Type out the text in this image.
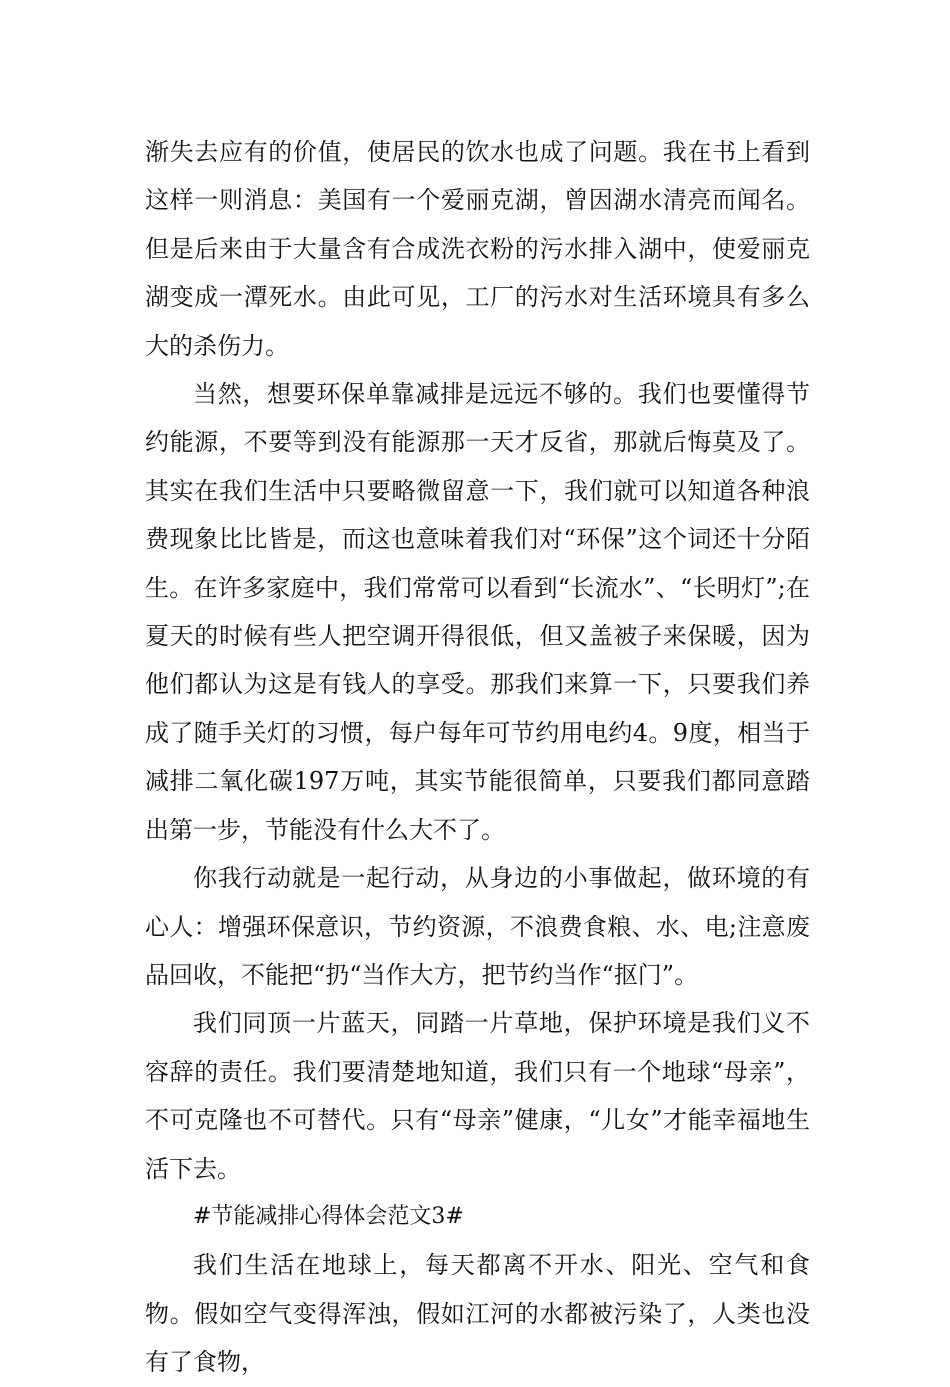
渐失去应有的价值，使居民的饮水也成了问题。我在书上看到这样一则消息：美国有一个爱丽克湖，曾因湖水清亮而闻名。但是后来由于大量含有合成洗衣粉的污水排入湖中，使爱丽克湖变成一潭死水。由此可见，工厂的污水对生活环境具有多么大的杀伤力。

当然，想要环保单靠减排是远远不够的。我们也要懂得节约能源，不要等到没有能源那一天才反省，那就后悔莫及了。其实在我们生活中只要略微留意一下，我们就可以知道各种浪费现象比比皆是，而这也意味着我们对“环保”这个词还十分陌生。在许多家庭中，我们常常可以看到“长流水”、“长明灯”;在夏天的时候有些人把空调开得很低，但又盖被子来保暖，因为他们都认为这是有钱人的享受。那我们来算一下，只要我们养成了随手关灯的习惯，每户每年可节约用电约4。9度，相当于减排二氧化碳197万吨，其实节能很简单，只要我们都同意踏出第一步，节能没有什么大不了。

你我行动就是一起行动，从身边的小事做起，做环境的有心人：增强环保意识，节约资源，不浪费食粮、水、电;注意废品回收，不能把“扔“当作大方，把节约当作“抠门”。

我们同顶一片蓝天，同踏一片草地，保护环境是我们义不容辞的责任。我们要清楚地知道，我们只有一个地球“母亲”，不可克隆也不可替代。只有“母亲”健康，“儿女”才能幸福地生活下去。

#节能减排心得体会范文3#

我们生活在地球上，每天都离不开水、阳光、空气和食物。假如空气变得浑浊，假如江河的水都被污染了，人类也没有了食物，
